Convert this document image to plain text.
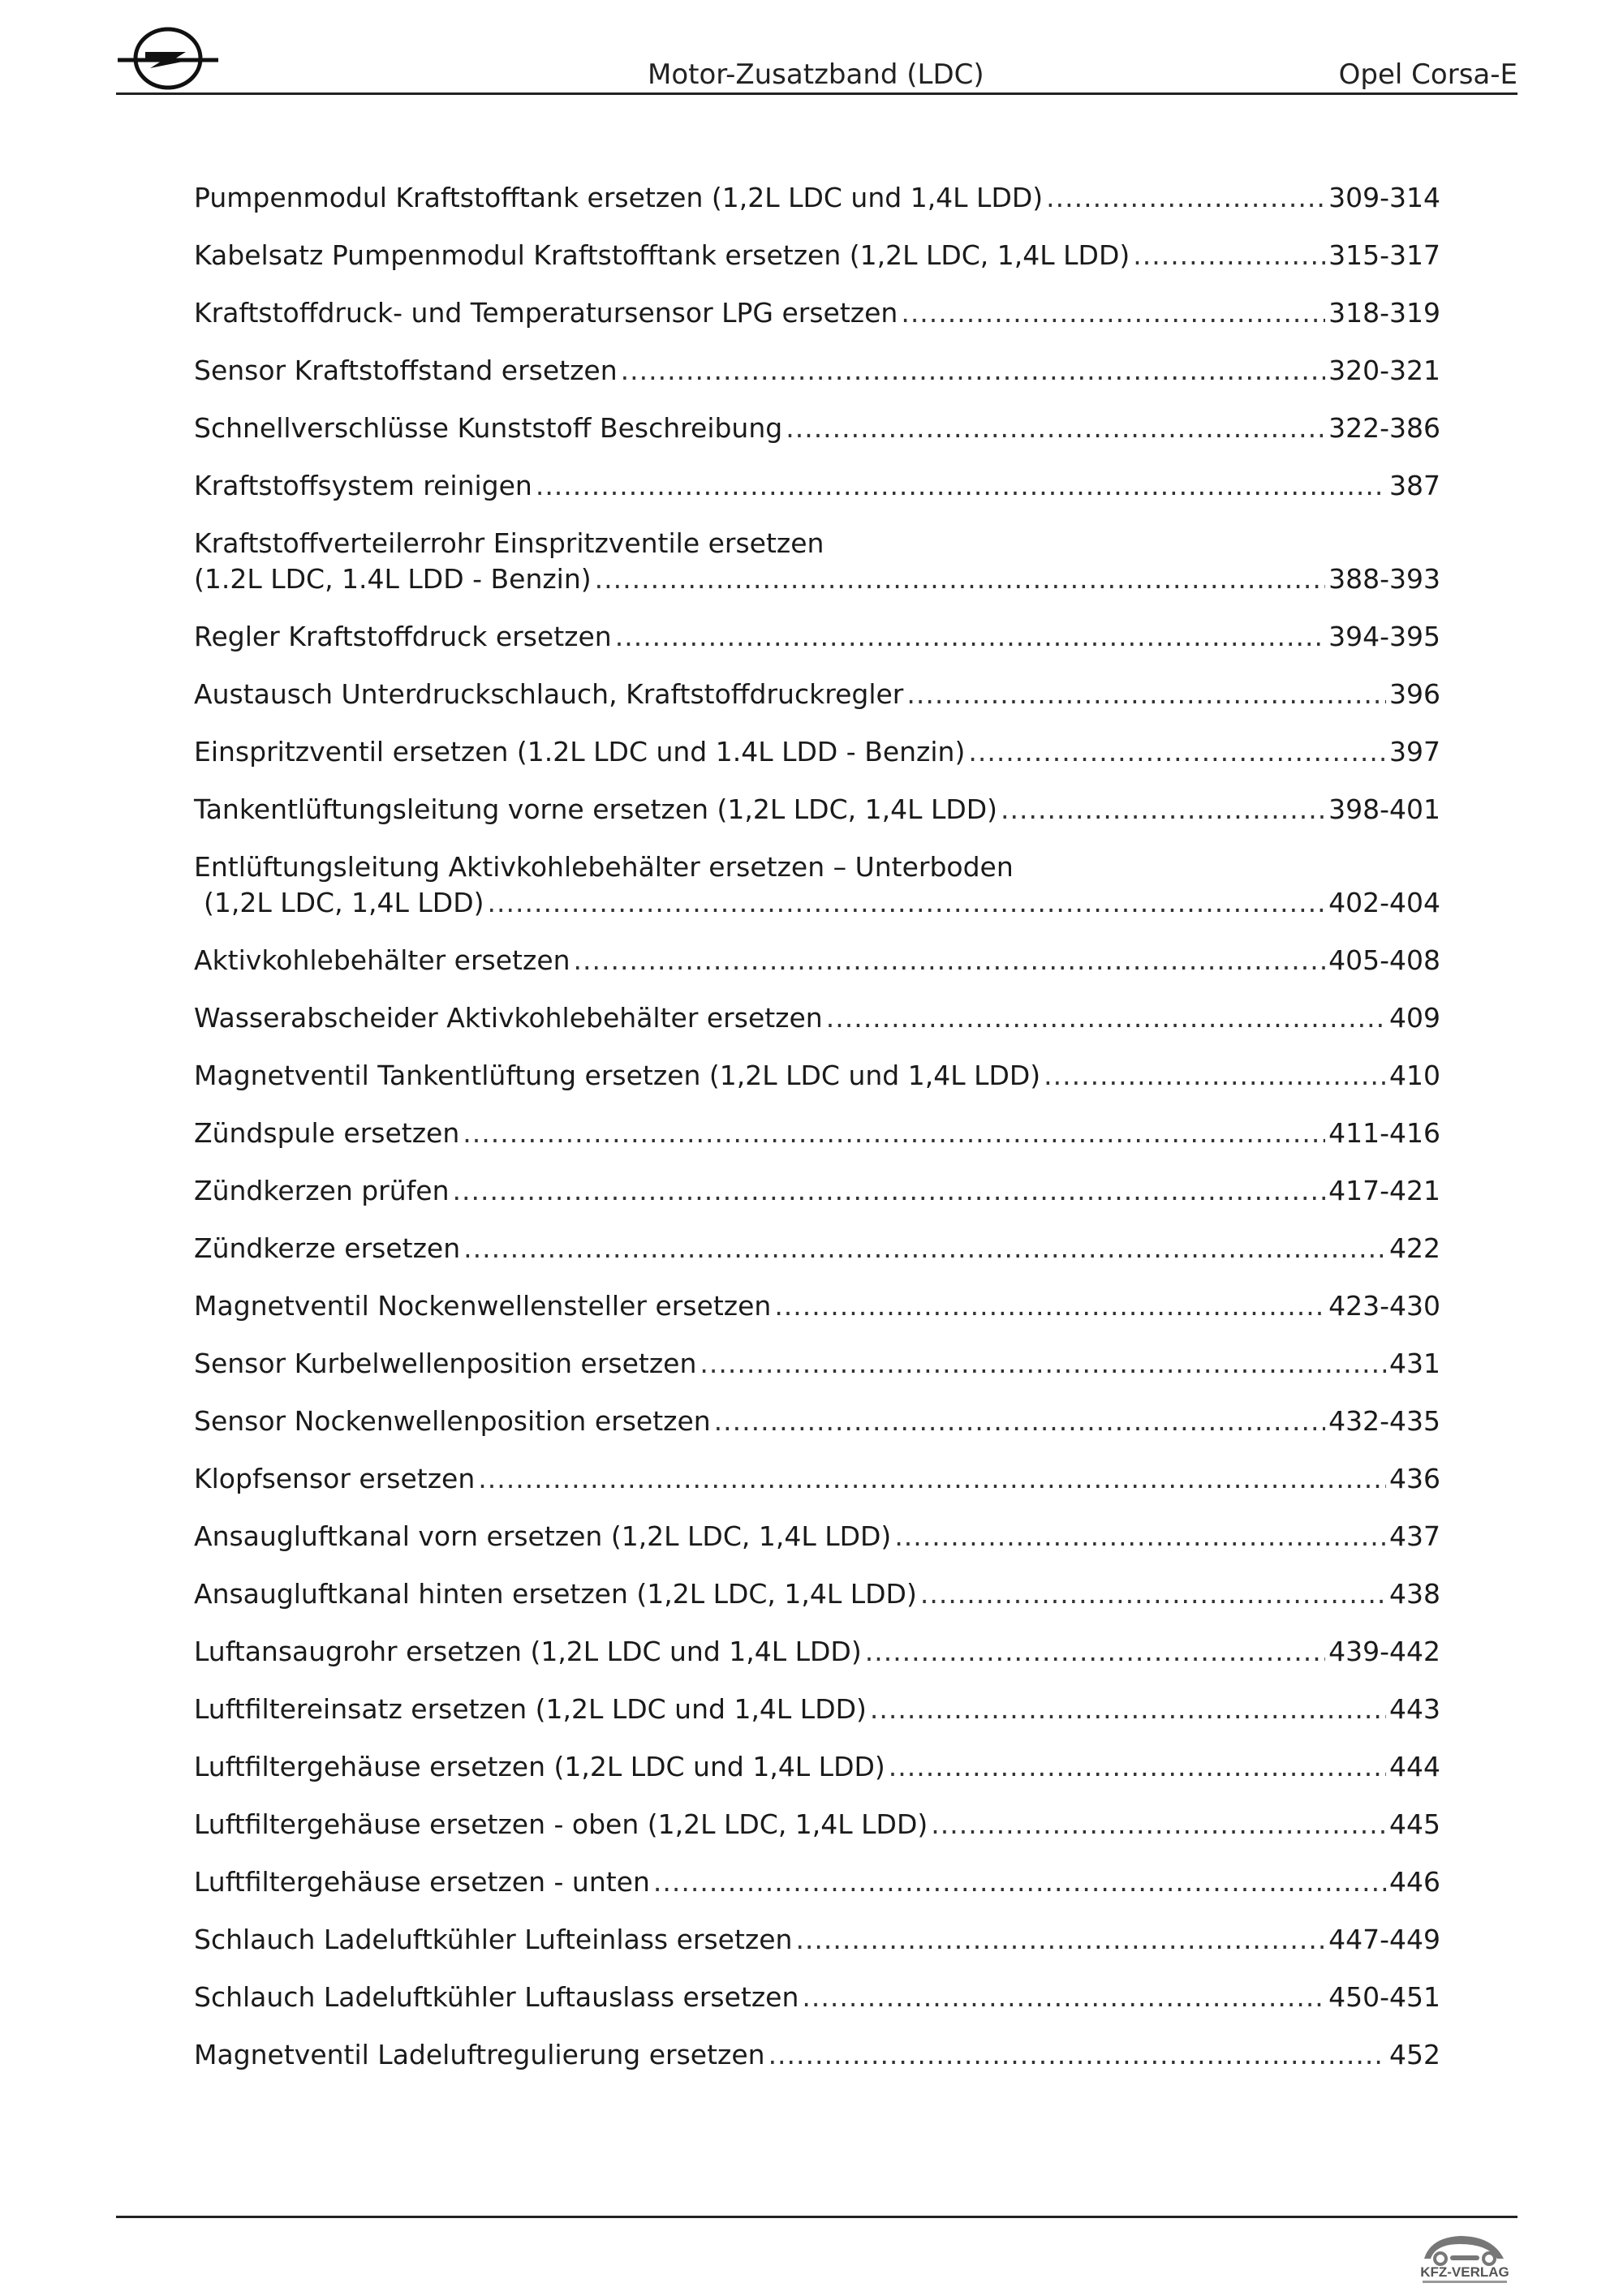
Motor-Zusatzband (LDC)	Opel Corsa-E
Pumpenmodul Kraftstofftank ersetzen (1,2L LDC und 1,4L LDD) .....	309-314
Kabelsatz Pumpenmodul Kraftstofftank ersetzen (1,2L LDC, 1,4L LDD) .....	315-317
Kraftstoffdruck- und Temperatursensor LPG ersetzen .....	318-319
Sensor Kraftstoffstand ersetzen .....	320-321
Schnellverschlüsse Kunststoff Beschreibung .....	322-386
Kraftstoffsystem reinigen .....	387
Kraftstoffverteilerrohr Einspritzventile ersetzen
(1.2L LDC, 1.4L LDD - Benzin) .....	388-393
Regler Kraftstoffdruck ersetzen .....	394-395
Austausch Unterdruckschlauch, Kraftstoffdruckregler .....	396
Einspritzventil ersetzen (1.2L LDC und 1.4L LDD - Benzin) .....	397
Tankentlüftungsleitung vorne ersetzen (1,2L LDC, 1,4L LDD) .....	398-401
Entlüftungsleitung Aktivkohlebehälter ersetzen – Unterboden
(1,2L LDC, 1,4L LDD) .....	402-404
Aktivkohlebehälter ersetzen .....	405-408
Wasserabscheider Aktivkohlebehälter ersetzen .....	409
Magnetventil Tankentlüftung ersetzen (1,2L LDC und 1,4L LDD) .....	410
Zündspule ersetzen .....	411-416
Zündkerzen prüfen .....	417-421
Zündkerze ersetzen .....	422
Magnetventil Nockenwellensteller ersetzen .....	423-430
Sensor Kurbelwellenposition ersetzen .....	431
Sensor Nockenwellenposition ersetzen .....	432-435
Klopfsensor ersetzen .....	436
Ansaugluftkanal vorn ersetzen (1,2L LDC, 1,4L LDD) .....	437
Ansaugluftkanal hinten ersetzen (1,2L LDC, 1,4L LDD) .....	438
Luftansaugrohr ersetzen (1,2L LDC und 1,4L LDD) .....	439-442
Luftfiltereinsatz ersetzen (1,2L LDC und 1,4L LDD) .....	443
Luftfiltergehäuse ersetzen (1,2L LDC und 1,4L LDD) .....	444
Luftfiltergehäuse ersetzen - oben (1,2L LDC, 1,4L LDD) .....	445
Luftfiltergehäuse ersetzen - unten .....	446
Schlauch Ladeluftkühler Lufteinlass ersetzen .....	447-449
Schlauch Ladeluftkühler Luftauslass ersetzen .....	450-451
Magnetventil Ladeluftregulierung ersetzen .....	452
KFZ-VERLAG
